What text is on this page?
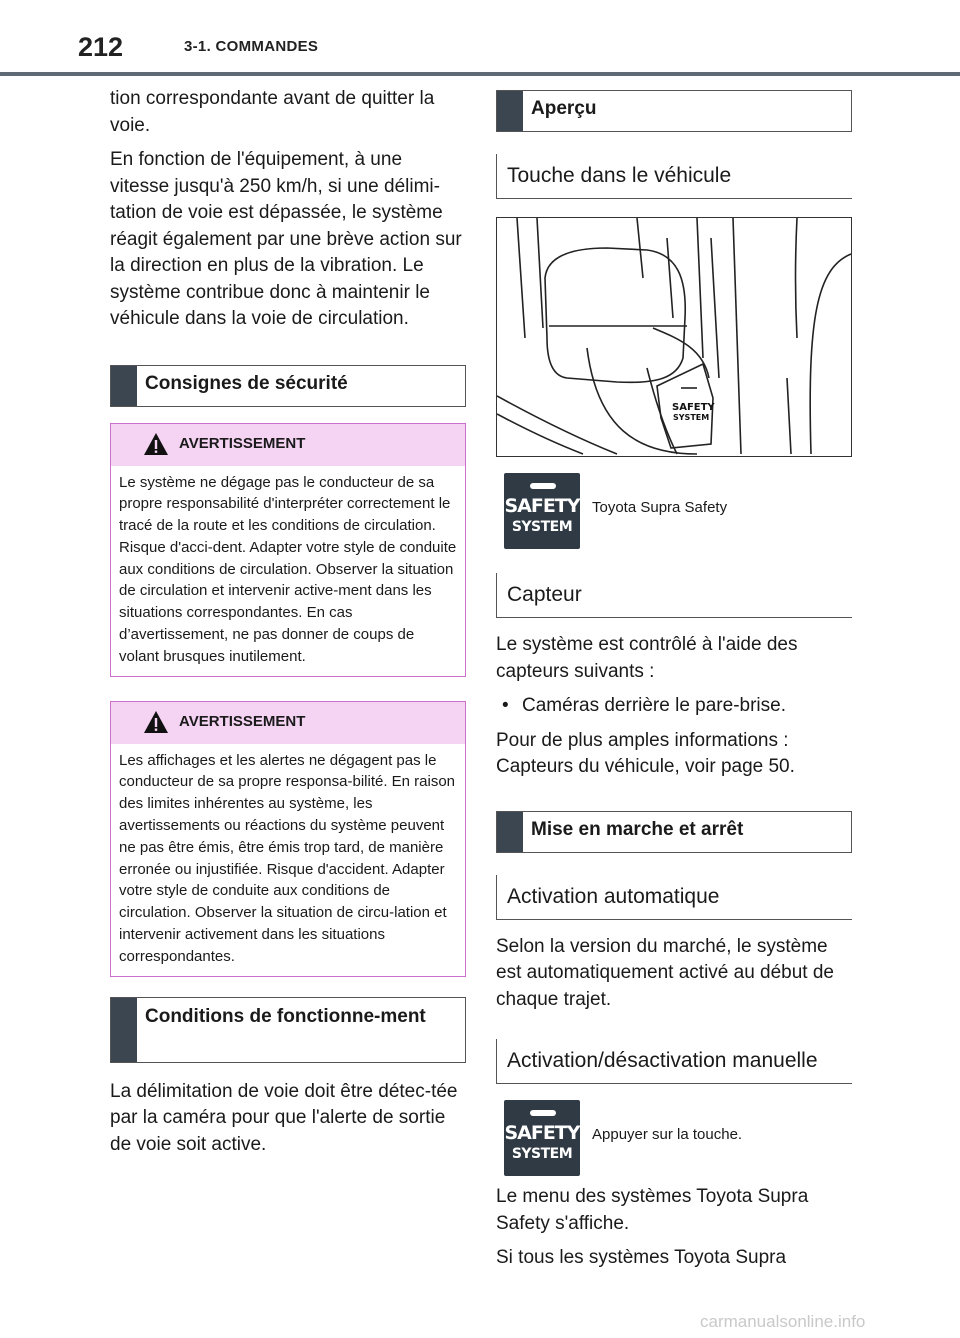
212	3-1. COMMANDES

tion correspondante avant de quitter la voie.

En fonction de l'équipement, à une vitesse jusqu'à 250 km/h, si une délimi-tation de voie est dépassée, le système réagit également par une brève action sur la direction en plus de la vibration. Le système contribue donc à maintenir le véhicule dans la voie de circulation.

Consignes de sécurité
AVERTISSEMENT
Le système ne dégage pas le conducteur de sa propre responsabilité d'interpréter correctement le tracé de la route et les conditions de circulation. Risque d'acci-dent. Adapter votre style de conduite aux conditions de circulation. Observer la situation de circulation et intervenir active-ment dans les situations correspondantes. En cas d’avertissement, ne pas donner de coups de volant brusques inutilement.
AVERTISSEMENT
Les affichages et les alertes ne dégagent pas le conducteur de sa propre responsa-bilité. En raison des limites inhérentes au système, les avertissements ou réactions du système peuvent ne pas être émis, être émis trop tard, de manière erronée ou injustifiée. Risque d'accident. Adapter votre style de conduite aux conditions de circulation. Observer la situation de circu-lation et intervenir activement dans les situations correspondantes.
Conditions de fonctionne-ment

La délimitation de voie doit être détec-tée par la caméra pour que l'alerte de sortie de voie soit active.

Aperçu
Touche dans le véhicule
SAFETY
SYSTEM
SAFETY
SYSTEM
Toyota Supra Safety
Capteur

Le système est contrôlé à l'aide des capteurs suivants :

• Caméras derrière le pare-brise.

Pour de plus amples informations : Capteurs du véhicule, voir page 50.

Mise en marche et arrêt
Activation automatique

Selon la version du marché, le système est automatiquement activé au début de chaque trajet.

Activation/désactivation manuelle
SAFETY
SYSTEM
Appuyer sur la touche.

Le menu des systèmes Toyota Supra Safety s'affiche.

Si tous les systèmes Toyota Supra

carmanualsonline.info
